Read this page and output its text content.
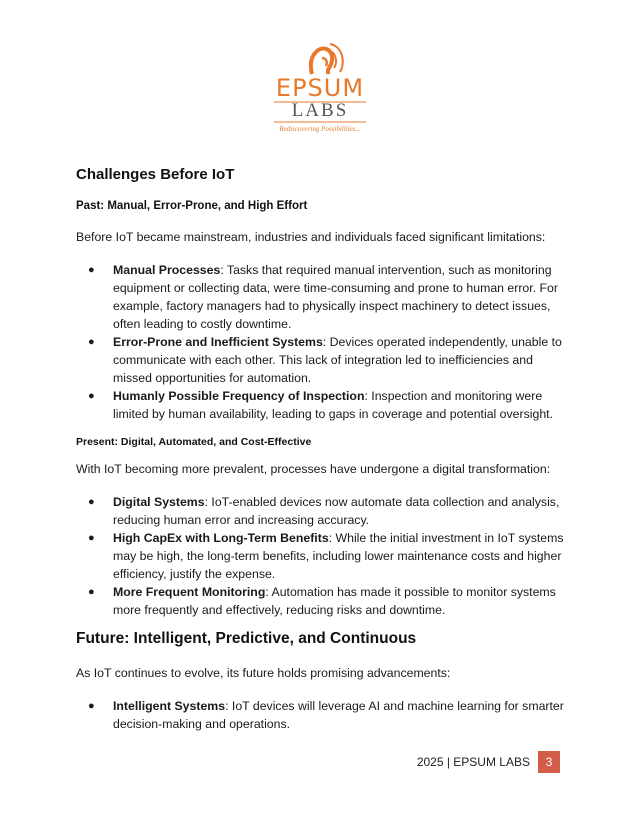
EPSUM
LABS
Rediscovering Possibilities...
Challenges Before IoT
Past: Manual, Error-Prone, and High Effort
Before IoT became mainstream, industries and individuals faced significant limitations:
● Manual Processes: Tasks that required manual intervention, such as monitoring equipment or collecting data, were time-consuming and prone to human error. For example, factory managers had to physically inspect machinery to detect issues, often leading to costly downtime.
● Error-Prone and Inefficient Systems: Devices operated independently, unable to communicate with each other. This lack of integration led to inefficiencies and missed opportunities for automation.
● Humanly Possible Frequency of Inspection: Inspection and monitoring were limited by human availability, leading to gaps in coverage and potential oversight.
Present: Digital, Automated, and Cost-Effective
With IoT becoming more prevalent, processes have undergone a digital transformation:
● Digital Systems: IoT-enabled devices now automate data collection and analysis, reducing human error and increasing accuracy.
● High CapEx with Long-Term Benefits: While the initial investment in IoT systems may be high, the long-term benefits, including lower maintenance costs and higher efficiency, justify the expense.
● More Frequent Monitoring: Automation has made it possible to monitor systems more frequently and effectively, reducing risks and downtime.
Future: Intelligent, Predictive, and Continuous
As IoT continues to evolve, its future holds promising advancements:
● Intelligent Systems: IoT devices will leverage AI and machine learning for smarter decision-making and operations.
2025 | EPSUM LABS	3
